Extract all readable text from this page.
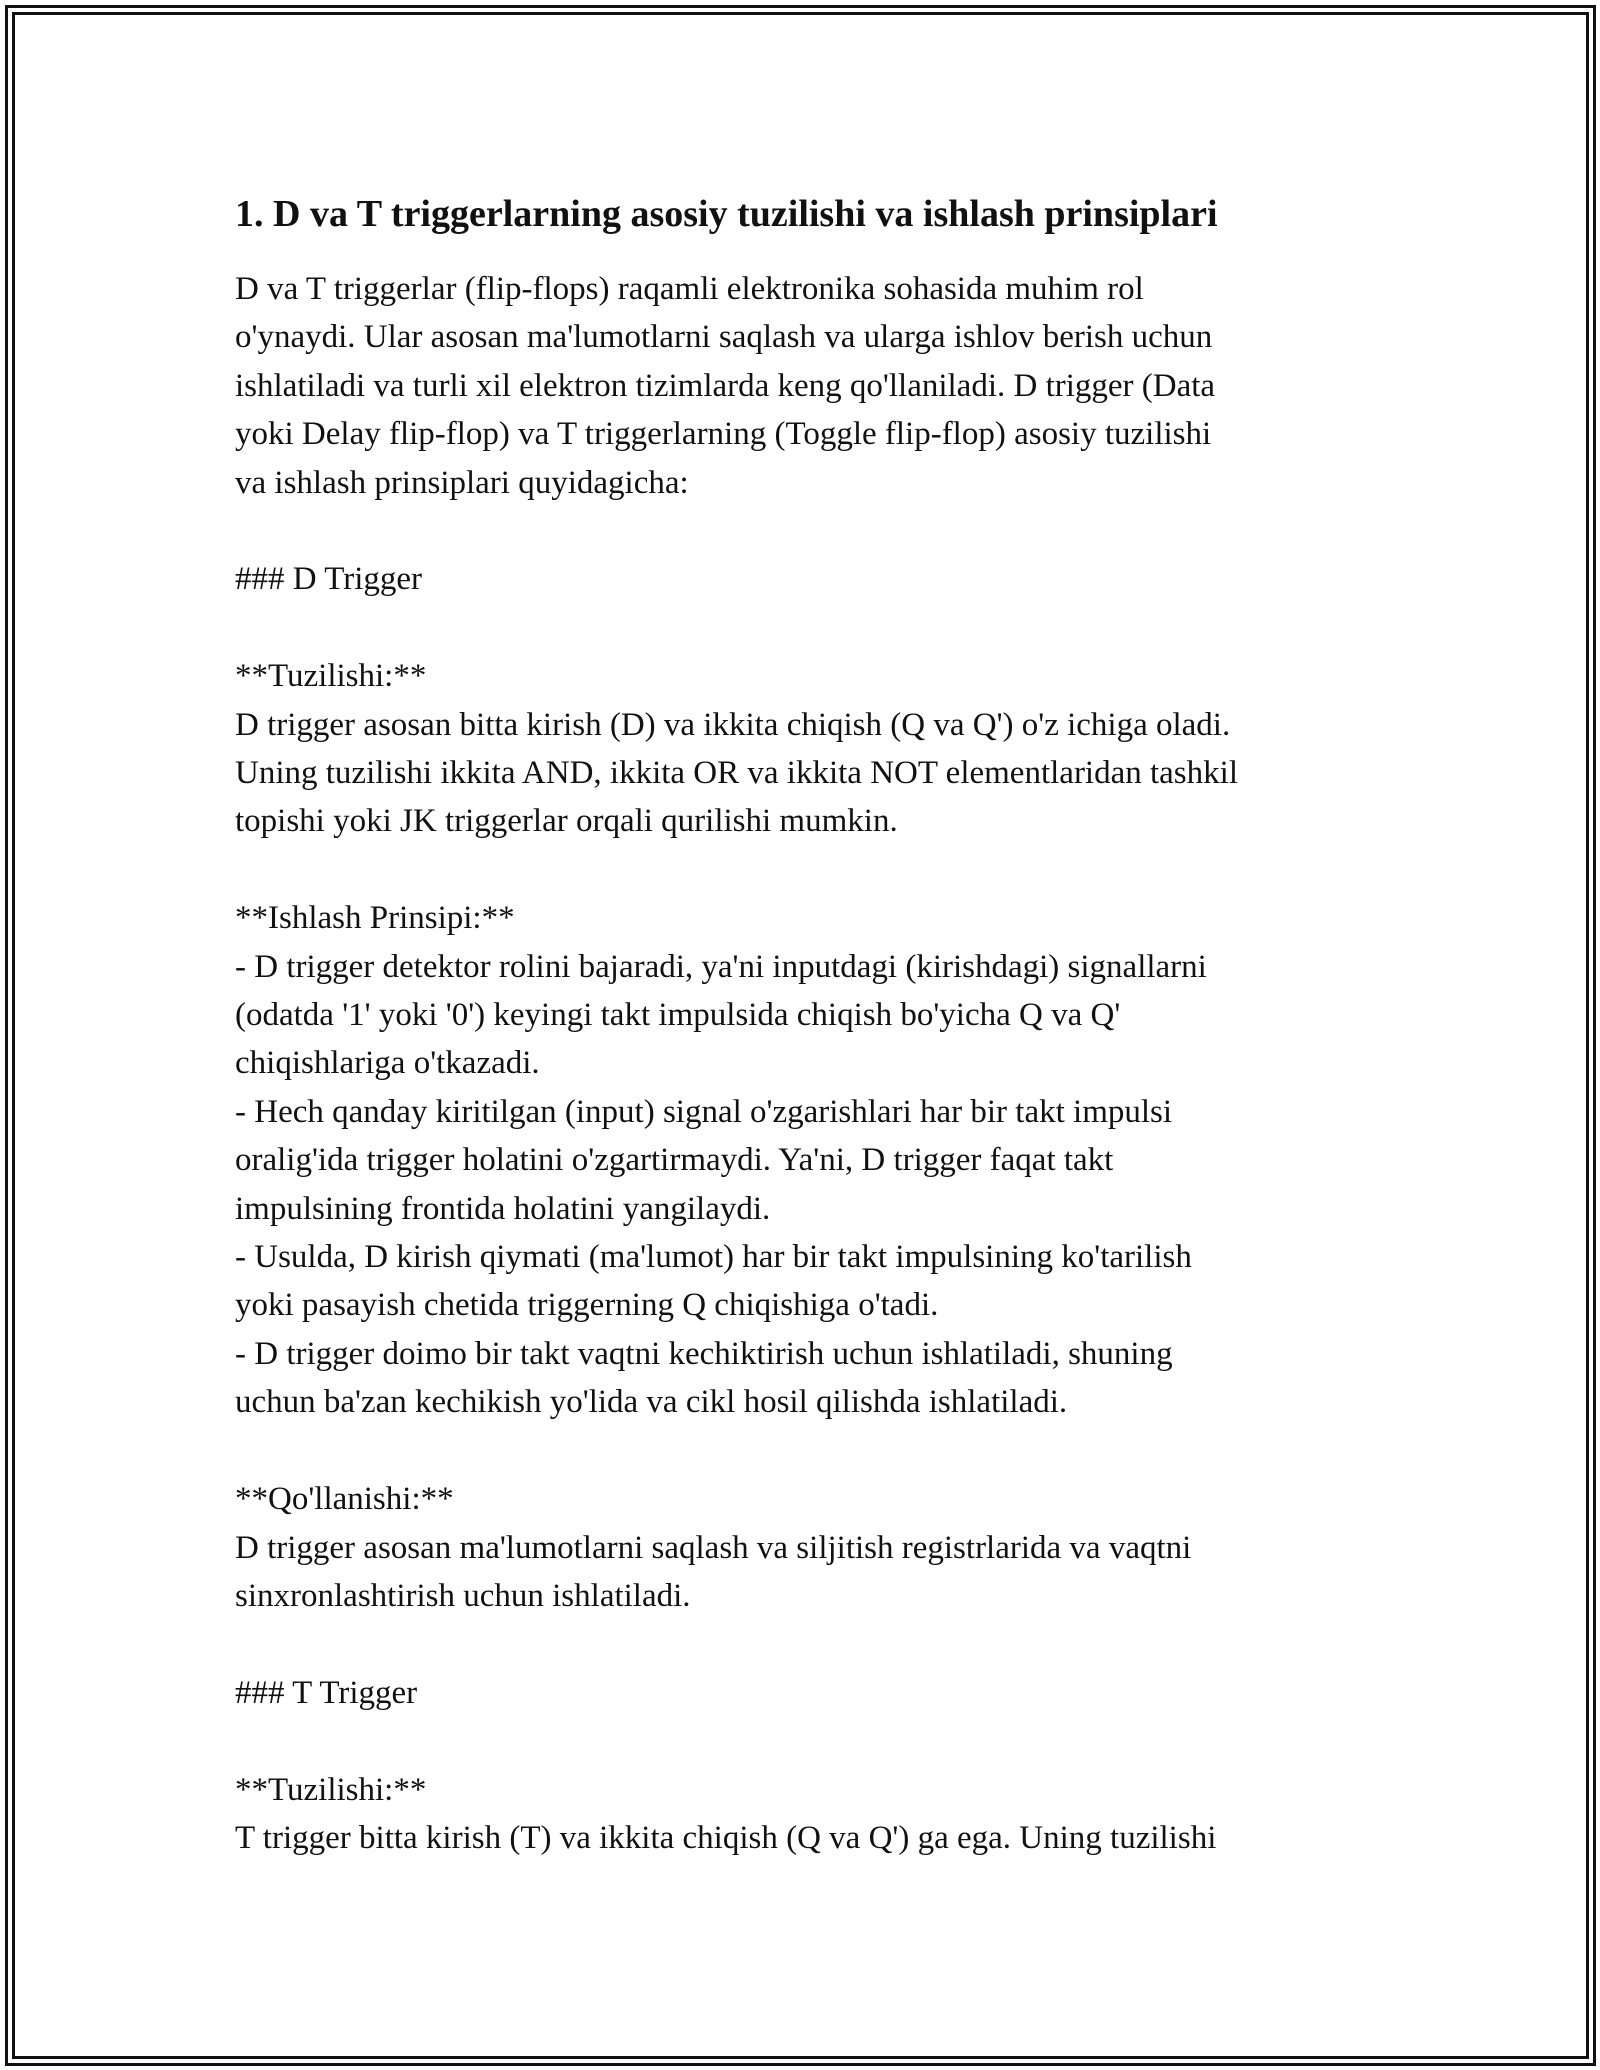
1. D va T triggerlarning asosiy tuzilishi va ishlash prinsiplari
D va T triggerlar (flip-flops) raqamli elektronika sohasida muhim rol
o'ynaydi. Ular asosan ma'lumotlarni saqlash va ularga ishlov berish uchun
ishlatiladi va turli xil elektron tizimlarda keng qo'llaniladi. D trigger (Data
yoki Delay flip-flop) va T triggerlarning (Toggle flip-flop) asosiy tuzilishi
va ishlash prinsiplari quyidagicha:
### D Trigger
**Tuzilishi:**
D trigger asosan bitta kirish (D) va ikkita chiqish (Q va Q') o'z ichiga oladi.
Uning tuzilishi ikkita AND, ikkita OR va ikkita NOT elementlaridan tashkil
topishi yoki JK triggerlar orqali qurilishi mumkin.
**Ishlash Prinsipi:**
- D trigger detektor rolini bajaradi, ya'ni inputdagi (kirishdagi) signallarni
(odatda '1' yoki '0') keyingi takt impulsida chiqish bo'yicha Q va Q'
chiqishlariga o'tkazadi.
- Hech qanday kiritilgan (input) signal o'zgarishlari har bir takt impulsi
oralig'ida trigger holatini o'zgartirmaydi. Ya'ni, D trigger faqat takt
impulsining frontida holatini yangilaydi.
- Usulda, D kirish qiymati (ma'lumot) har bir takt impulsining ko'tarilish
yoki pasayish chetida triggerning Q chiqishiga o'tadi.
- D trigger doimo bir takt vaqtni kechiktirish uchun ishlatiladi, shuning
uchun ba'zan kechikish yo'lida va cikl hosil qilishda ishlatiladi.
**Qo'llanishi:**
D trigger asosan ma'lumotlarni saqlash va siljitish registrlarida va vaqtni
sinxronlashtirish uchun ishlatiladi.
### T Trigger
**Tuzilishi:**
T trigger bitta kirish (T) va ikkita chiqish (Q va Q') ga ega. Uning tuzilishi
